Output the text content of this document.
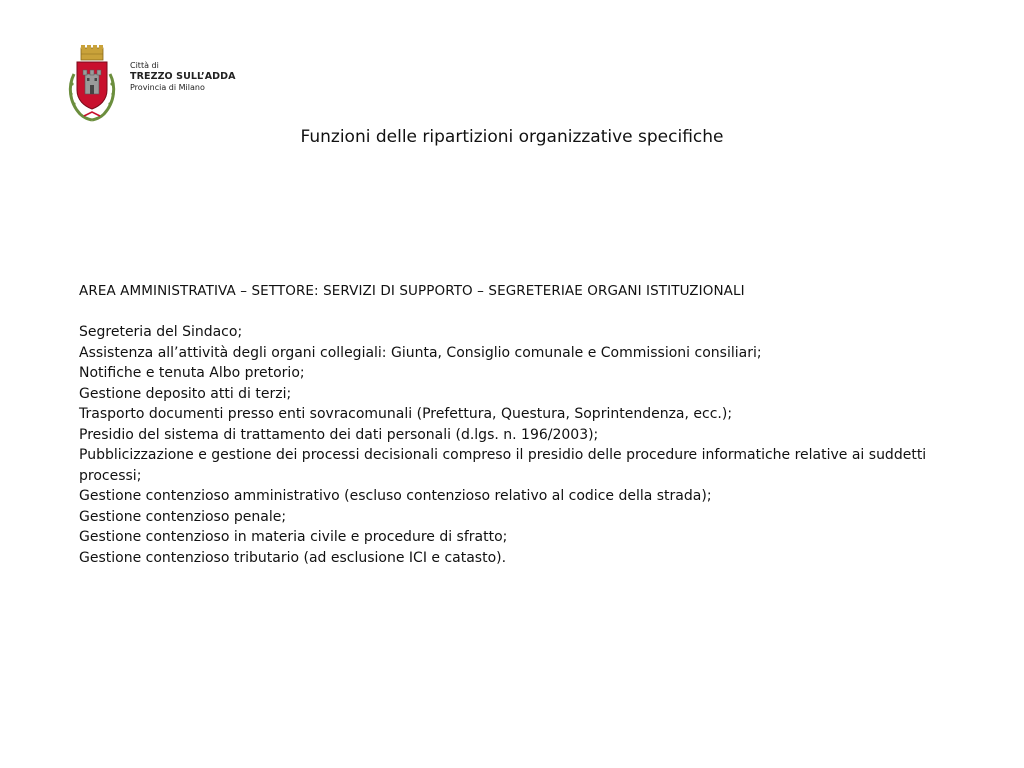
Città di
TREZZO SULL’ADDA
Provincia di Milano
Funzioni delle ripartizioni organizzative specifiche
AREA AMMINISTRATIVA – SETTORE: SERVIZI DI SUPPORTO – SEGRETERIAE ORGANI ISTITUZIONALI
Segreteria del Sindaco;
Assistenza all’attività degli organi collegiali: Giunta, Consiglio comunale e Commissioni consiliari;
Notifiche e tenuta Albo pretorio;
Gestione deposito atti di terzi;
Trasporto documenti presso enti sovracomunali (Prefettura, Questura, Soprintendenza, ecc.);
Presidio del sistema di trattamento dei dati personali (d.lgs. n. 196/2003);
Pubblicizzazione e gestione dei processi decisionali compreso il presidio delle procedure informatiche relative ai suddetti processi;
Gestione contenzioso amministrativo (escluso contenzioso relativo al codice della strada);
Gestione contenzioso penale;
Gestione contenzioso in materia civile e procedure di sfratto;
Gestione contenzioso tributario (ad esclusione ICI e catasto).
